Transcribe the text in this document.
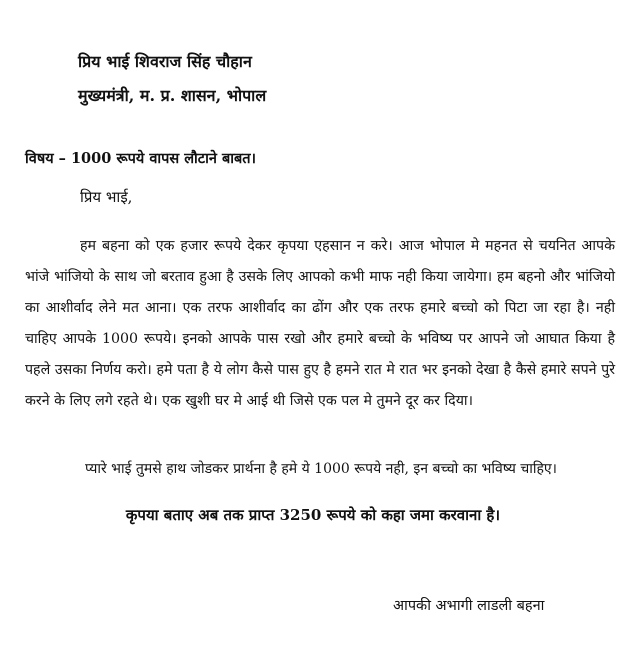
प्रिय भाई शिवराज सिंह चौहान
मुख्यमंत्री, म. प्र. शासन, भोपाल
विषय – 1000 रूपये वापस लौटाने बाबत।
प्रिय भाई,

हम बहना को एक हजार रूपये देकर कृपया एहसान न करे। आज भोपाल मे महनत से चयनित आपके भांजे भांजियो के साथ जो बरताव हुआ है उसके लिए आपको कभी माफ नही किया जायेगा। हम बहनो और भांजियो का आशीर्वाद लेने मत आना। एक तरफ आशीर्वाद का ढोंग और एक तरफ हमारे बच्चो को पिटा जा रहा है। नही चाहिए आपके 1000 रूपये। इनको आपके पास रखो और हमारे बच्चो के भविष्य पर आपने जो आघात किया है पहले उसका निर्णय करो। हमे पता है ये लोग कैसे पास हुए है हमने रात मे रात भर इनको देखा है कैसे हमारे सपने पुरे करने के लिए लगे रहते थे। एक खुशी घर मे आई थी जिसे एक पल मे तुमने दूर कर दिया।

प्यारे भाई तुमसे हाथ जोडकर प्रार्थना है हमे ये 1000 रूपये नही, इन बच्चो का भविष्य चाहिए।

कृपया बताए अब तक प्राप्त 3250 रूपये को कहा जमा करवाना है।
आपकी अभागी लाडली बहना
